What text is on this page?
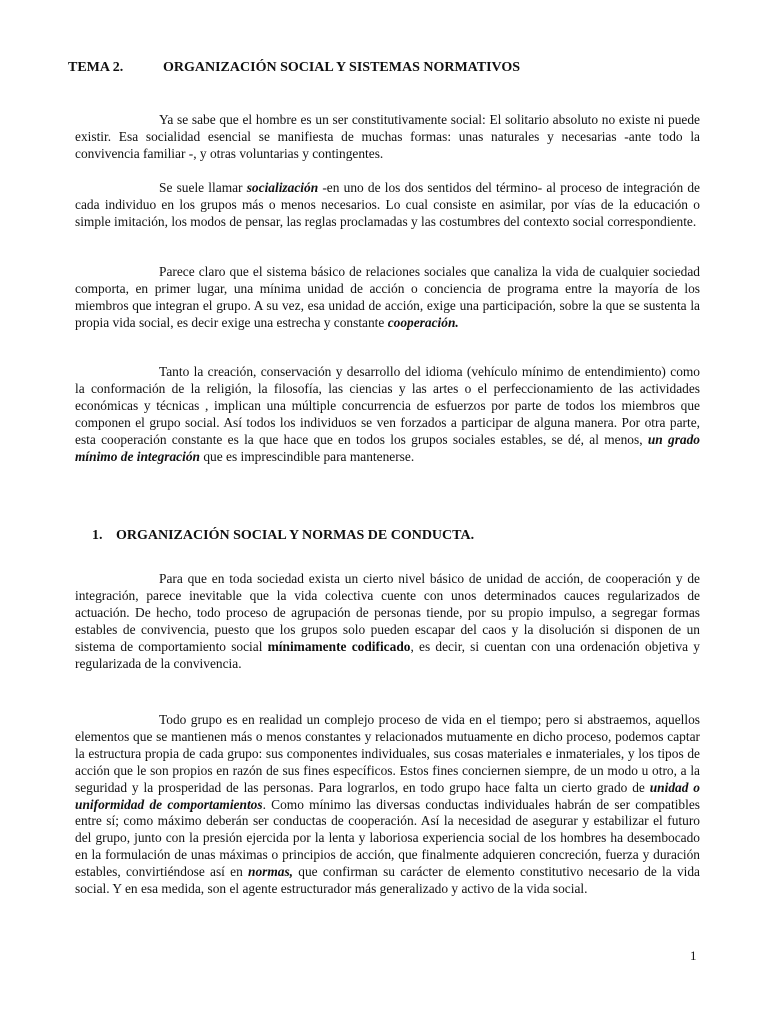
TEMA 2.	ORGANIZACIÓN SOCIAL Y SISTEMAS NORMATIVOS

Ya se sabe que el hombre es un ser constitutivamente social: El solitario absoluto no existe ni puede existir. Esa socialidad esencial se manifiesta de muchas formas: unas naturales y necesarias -ante todo la convivencia familiar -, y otras voluntarias y contingentes.

Se suele llamar socialización -en uno de los dos sentidos del término- al proceso de integración de cada individuo en los grupos más o menos necesarios. Lo cual consiste en asimilar, por vías de la educación o simple imitación, los modos de pensar, las reglas proclamadas y las costumbres del contexto social correspondiente.

Parece claro que el sistema básico de relaciones sociales que canaliza la vida de cualquier sociedad comporta, en primer lugar, una mínima unidad de acción o conciencia de programa entre la mayoría de los miembros que integran el grupo. A su vez, esa unidad de acción, exige una participación, sobre la que se sustenta la propia vida social, es decir exige una estrecha y constante cooperación.

Tanto la creación, conservación y desarrollo del idioma (vehículo mínimo de entendimiento) como la conformación de la religión, la filosofía, las ciencias y las artes o el perfeccionamiento de las actividades económicas y técnicas , implican una múltiple concurrencia de esfuerzos por parte de todos los miembros que componen el grupo social. Así todos los individuos se ven forzados a participar de alguna manera. Por otra parte, esta cooperación constante es la que hace que en todos los grupos sociales estables, se dé, al menos, un grado mínimo de integración que es imprescindible para mantenerse.

1. ORGANIZACIÓN SOCIAL Y NORMAS DE CONDUCTA.

Para que en toda sociedad exista un cierto nivel básico de unidad de acción, de cooperación y de integración, parece inevitable que la vida colectiva cuente con unos determinados cauces regularizados de actuación. De hecho, todo proceso de agrupación de personas tiende, por su propio impulso, a segregar formas estables de convivencia, puesto que los grupos solo pueden escapar del caos y la disolución si disponen de un sistema de comportamiento social mínimamente codificado, es decir, si cuentan con una ordenación objetiva y regularizada de la convivencia.

Todo grupo es en realidad un complejo proceso de vida en el tiempo; pero si abstraemos, aquellos elementos que se mantienen más o menos constantes y relacionados mutuamente en dicho proceso, podemos captar la estructura propia de cada grupo: sus componentes individuales, sus cosas materiales e inmateriales, y los tipos de acción que le son propios en razón de sus fines específicos. Estos fines conciernen siempre, de un modo u otro, a la seguridad y la prosperidad de las personas. Para lograrlos, en todo grupo hace falta un cierto grado de unidad o uniformidad de comportamientos. Como mínimo las diversas conductas individuales habrán de ser compatibles entre sí; como máximo deberán ser conductas de cooperación. Así la necesidad de asegurar y estabilizar el futuro del grupo, junto con la presión ejercida por la lenta y laboriosa experiencia social de los hombres ha desembocado en la formulación de unas máximas o principios de acción, que finalmente adquieren concreción, fuerza y duración estables, convirtiéndose así en normas, que confirman su carácter de elemento constitutivo necesario de la vida social. Y en esa medida, son el agente estructurador más generalizado y activo de la vida social.

1
